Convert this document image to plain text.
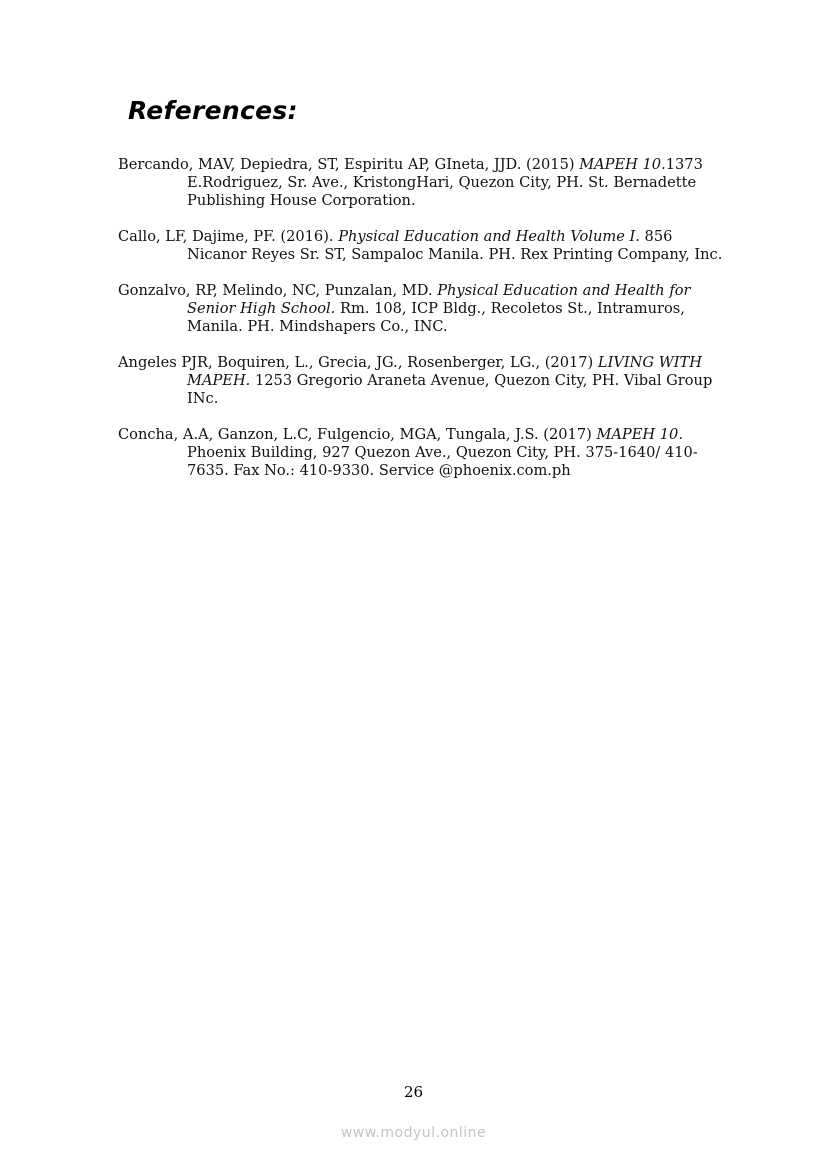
References:
Bercando, MAV, Depiedra, ST, Espiritu AP, GIneta, JJD. (2015) MAPEH 10.1373 E.Rodriguez, Sr. Ave., KristongHari, Quezon City, PH. St. Bernadette Publishing House Corporation.
Callo, LF, Dajime, PF. (2016). Physical Education and Health Volume I. 856 Nicanor Reyes Sr. ST, Sampaloc Manila. PH. Rex Printing Company, Inc.
Gonzalvo, RP, Melindo, NC, Punzalan, MD. Physical Education and Health for Senior High School. Rm. 108, ICP Bldg., Recoletos St., Intramuros, Manila. PH. Mindshapers Co., INC.
Angeles PJR, Boquiren, L., Grecia, JG., Rosenberger, LG., (2017) LIVING WITH MAPEH. 1253 Gregorio Araneta Avenue, Quezon City, PH. Vibal Group INc.
Concha, A.A, Ganzon, L.C, Fulgencio, MGA, Tungala, J.S. (2017) MAPEH 10. Phoenix Building, 927 Quezon Ave., Quezon City, PH. 375-1640/ 410-7635. Fax No.: 410-9330. Service @phoenix.com.ph
26
www.modyul.online
